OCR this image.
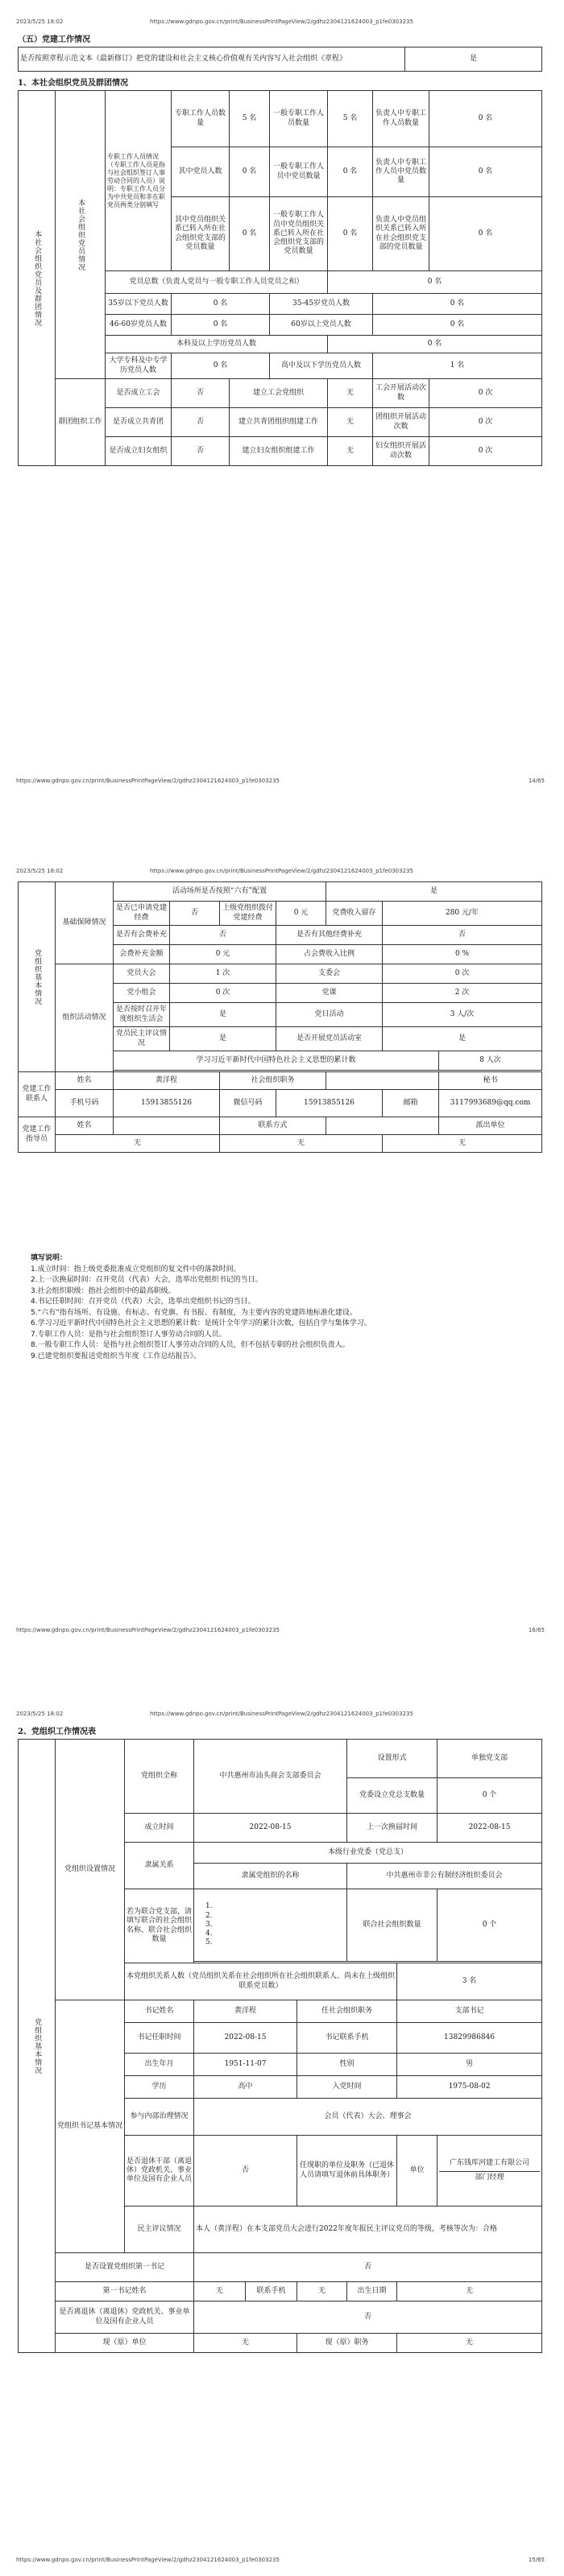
2023/5/25 18:02	https://www.gdnpo.gov.cn/print/BusinessPrintPageView/2/gdhz2304121624003_p1fe0303235
（五）党建工作情况
是否按照章程示范文本《最新修订》把党的建设和社会主义核心价值观有关内容写入社会组织《章程》	是
1、本社会组织党员及群团情况
本社会组织党员及群团情况	本社会组织党员情况	专职工作人员情况（专职工作人员是指与社会组织签订人事劳动合同的人员）说明：专职工作人员分为中共党员和非在职党员两类分别填写	专职工作人员数量	5 名	一般专职工作人员数量	5 名	负责人中专职工作人员数量	0 名
			其中党员人数	0 名	一般专职工作人员中党员数量	0 名	负责人中专职工作人员中党员数量	0 名
			其中党员组织关系已转入所在社会组织党支部的党员数量	0 名	一般专职工作人员中党员组织关系已转入所在社会组织党支部的党员数量	0 名	负责人中党员组织关系已转入所在社会组织党支部的党员数量	0 名
		党员总数（负责人党员与一般专职工作人员党员之和）				0 名		
		35岁以下党员人数	0 名		35-45岁党员人数		0 名	
		46-60岁党员人数	0 名		60岁以上党员人数		0 名	
		本科及以上学历党员人数				0 名		
		大学专科及中专学历党员人数	0 名		高中及以下学历党员人数		1 名	
	群团组织工作	是否成立工会	否	建立工会党组织		无	工会开展活动次数	0 次
		是否成立共青团	否	建立共青团组织组建工作		无	团组织开展活动次数	0 次
		是否成立妇女组织	否	建立妇女组织组建工作		无	妇女组织开展活动次数	0 次
https://www.gdnpo.gov.cn/print/BusinessPrintPageView/2/gdhz2304121624003_p1fe0303235	14/65
2023/5/25 18:02	https://www.gdnpo.gov.cn/print/BusinessPrintPageView/2/gdhz2304121624003_p1fe0303235
党组织基本情况	基础保障情况	活动场所是否按照“六有”配置				是		
		是否已申请党建经费	否	上级党组织拨付党建经费	0 元	党费收入留存	280 元/年	
		是否有会费补充	否		是否有其他经费补充		否	
		会费补充金额	0 元		占会费收入比例		0 %	
	组织活动情况	党员大会	1 次		支委会		0 次	
		党小组会	0 次		党课		2 次	
		是否按时召开年度组织生活会	是		党日活动		3 人/次	
		党员民主评议情况	是		是否开展党员活动室		是	
		学习习近平新时代中国特色社会主义思想的累计数						8 人次

党建工作联系人	姓名	黄洋程		社会组织职务				秘书
	手机号码	15913855126		微信号码	15913855126		邮箱	3117993689@qq.com
党建工作指导员	姓名			联系方式				派出单位
	无			无			无	
填写说明：
1.成立时间：指上级党委批准成立党组织的复文件中的落款时间。
2.上一次换届时间：召开党员（代表）大会，选举出党组织书记的当日。
3.社会组织职级：指社会组织中的最高职级。
4.书记任职时间：召开党员（代表）大会，选举出党组织书记的当日。
5.“六有”指有场所、有设施、有标志、有党旗、有书报、有制度，为主要内容的党建阵地标准化建设。
6.学习习近平新时代中国特色社会主义思想的累计数：是统计全年学习的累计次数，包括自学与集体学习。
7.专职工作人员：是指与社会组织签订人事劳动合同的人员。
8.一般专职工作人员：是指与社会组织签订人事劳动合同的人员，但不包括专职的社会组织负责人。
9.已建党组织要报送党组织当年度《工作总结报告》。
https://www.gdnpo.gov.cn/print/BusinessPrintPageView/2/gdhz2304121624003_p1fe0303235	16/65
2023/5/25 18:02	https://www.gdnpo.gov.cn/print/BusinessPrintPageView/2/gdhz2304121624003_p1fe0303235
2、党组织工作情况表
党组织基本情况	党组织设置情况	党组织全称	中共惠州市汕头商会支部委员会			设置形式		单独党支部
						党委设立党总支数量		0 个
		成立时间	2022-08-15			上一次换届时间		2022-08-15
		隶属关系	本级行业党委（党总支）					
			隶属党组织的名称			中共惠州市非公有制经济组织委员会		
		若为联合党支部，请填写联合的社会组织名称、联合社会组织数量	1.
2.
3.
4.
5.			联合社会组织数量		0 个

		本党组织关系人数（党员组织关系在社会组织所在社会组织联系人、尚未在上级组织联系党员数）					3 名	
	党组织书记基本情况	书记姓名	黄洋程		任社会组织职务		支部书记	
		书记任职时间	2022-08-15		书记联系手机		13829986846	
		出生年月	1951-11-07		性别		男	
		学历	高中		入党时间		1975-08-02	
		参与内部治理情况	会员（代表）大会、理事会					
		是否退休干部（离退休）党政机关、事业单位及国有企业人员	否		任现职的单位及职务（已退休人员请填写退休前具体职务）		单位	广东钱库河建工有限公司
部门经理

		民主评议情况	本人（黄洋程）在本支部党员大会进行2022年度年报民主评议党员的等级，考核等次为：合格					
	是否设置党组织第一书记		否					
	第一书记姓名		无	联系手机	无	出生日期	无	
	是否离退休（离退休）党政机关、事业单位及国有企业人员		否					
	现（原）单位		无		现（原）职务		无	
https://www.gdnpo.gov.cn/print/BusinessPrintPageView/2/gdhz2304121624003_p1fe0303235	15/65
